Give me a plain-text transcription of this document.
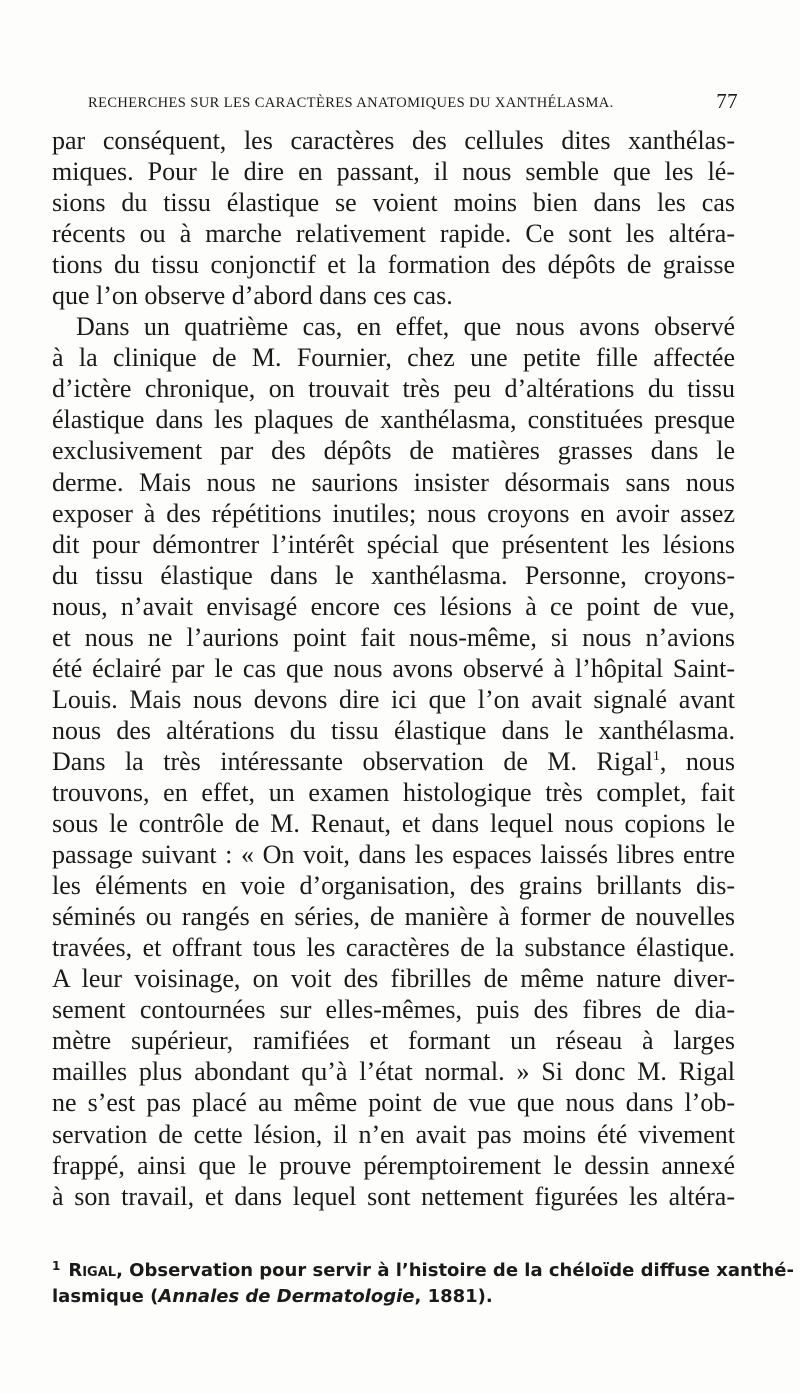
RECHERCHES SUR LES CARACTÈRES ANATOMIQUES DU XANTHÉLASMA.	77
par conséquent, les caractères des cellules dites xanthélas-
miques. Pour le dire en passant, il nous semble que les lé-
sions du tissu élastique se voient moins bien dans les cas
récents ou à marche relativement rapide. Ce sont les altéra-
tions du tissu conjonctif et la formation des dépôts de graisse
que l’on observe d’abord dans ces cas.
Dans un quatrième cas, en effet, que nous avons observé
à la clinique de M. Fournier, chez une petite fille affectée
d’ictère chronique, on trouvait très peu d’altérations du tissu
élastique dans les plaques de xanthélasma, constituées presque
exclusivement par des dépôts de matières grasses dans le
derme. Mais nous ne saurions insister désormais sans nous
exposer à des répétitions inutiles; nous croyons en avoir assez
dit pour démontrer l’intérêt spécial que présentent les lésions
du tissu élastique dans le xanthélasma. Personne, croyons-
nous, n’avait envisagé encore ces lésions à ce point de vue,
et nous ne l’aurions point fait nous-même, si nous n’avions
été éclairé par le cas que nous avons observé à l’hôpital Saint-
Louis. Mais nous devons dire ici que l’on avait signalé avant
nous des altérations du tissu élastique dans le xanthélasma.
Dans la très intéressante observation de M. Rigal$^1$, nous
trouvons, en effet, un examen histologique très complet, fait
sous le contrôle de M. Renaut, et dans lequel nous copions le
passage suivant : « On voit, dans les espaces laissés libres entre
les éléments en voie d’organisation, des grains brillants dis-
séminés ou rangés en séries, de manière à former de nouvelles
travées, et offrant tous les caractères de la substance élastique.
A leur voisinage, on voit des fibrilles de même nature diver-
sement contournées sur elles-mêmes, puis des fibres de dia-
mètre supérieur, ramifiées et formant un réseau à larges
mailles plus abondant qu’à l’état normal. » Si donc M. Rigal
ne s’est pas placé au même point de vue que nous dans l’ob-
servation de cette lésion, il n’en avait pas moins été vivement
frappé, ainsi que le prouve péremptoirement le dessin annexé
à son travail, et dans lequel sont nettement figurées les altéra-
$^1$ Rigal, Observation pour servir à l’histoire de la chéloïde diffuse xanthé-
lasmique (Annales de Dermatologie, 1881).
